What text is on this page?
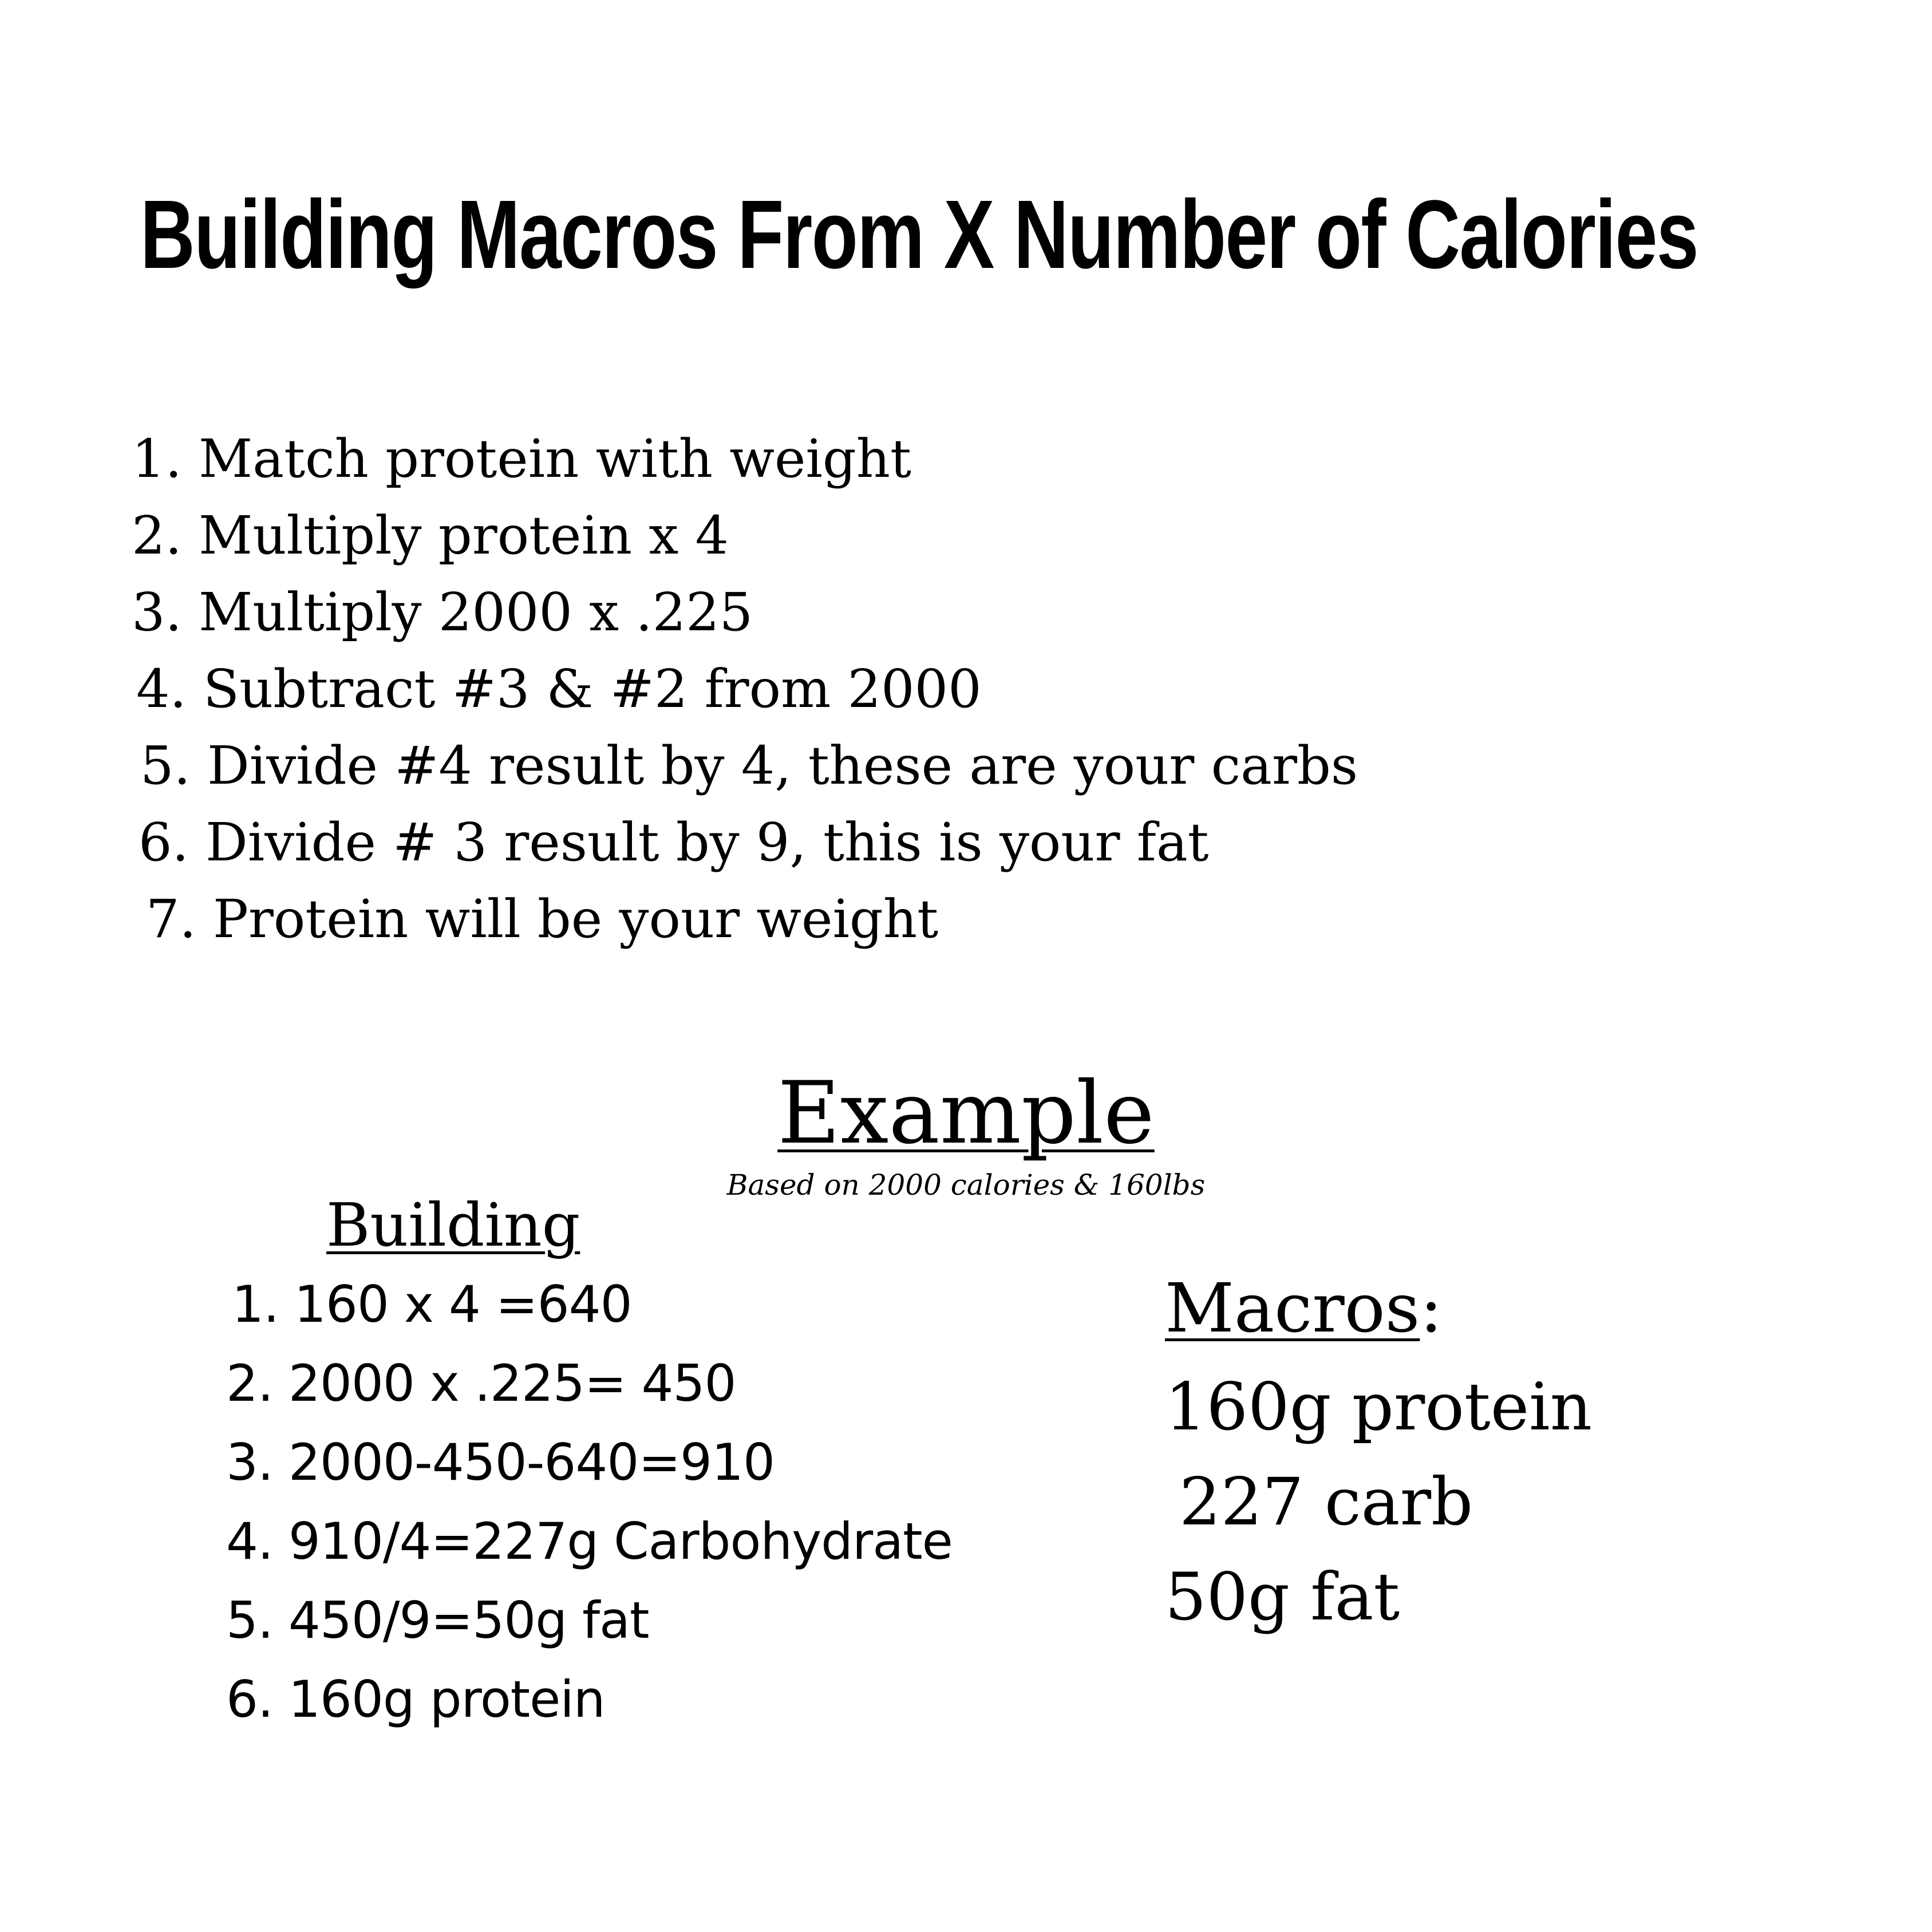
Building Macros From X Number of Calories
1. Match protein with weight
2. Multiply protein x 4
3. Multiply 2000 x .225
4. Subtract #3 & #2 from 2000
5. Divide #4 result by 4, these are your carbs
6. Divide # 3 result by 9, this is your fat
7. Protein will be your weight
Example
Based on 2000 calories & 160lbs
Building
1. 160 x 4 =640
2. 2000 x .225= 450
3. 2000-450-640=910
4. 910/4=227g Carbohydrate
5. 450/9=50g fat
6. 160g protein
Macros:
160g protein
227 carb
50g fat
